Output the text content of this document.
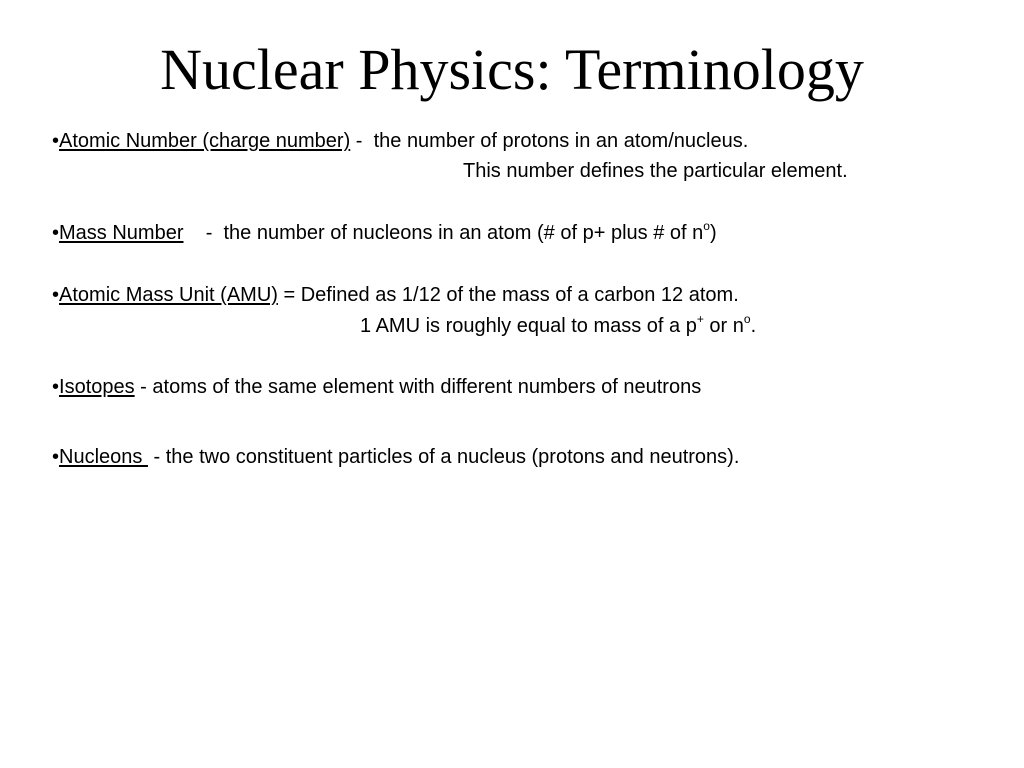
Nuclear Physics: Terminology
•Atomic Number (charge number) -  the number of protons in an atom/nucleus.
This number defines the particular element.
•Mass Number    -  the number of nucleons in an atom (# of p+ plus # of $n^o$)
•Atomic Mass Unit (AMU) = Defined as 1/12 of the mass of a carbon 12 atom.
1 AMU is roughly equal to mass of a p+ or $n^o$.
•Isotopes - atoms of the same element with different numbers of neutrons
•Nucleons  - the two constituent particles of a nucleus (protons and neutrons).
